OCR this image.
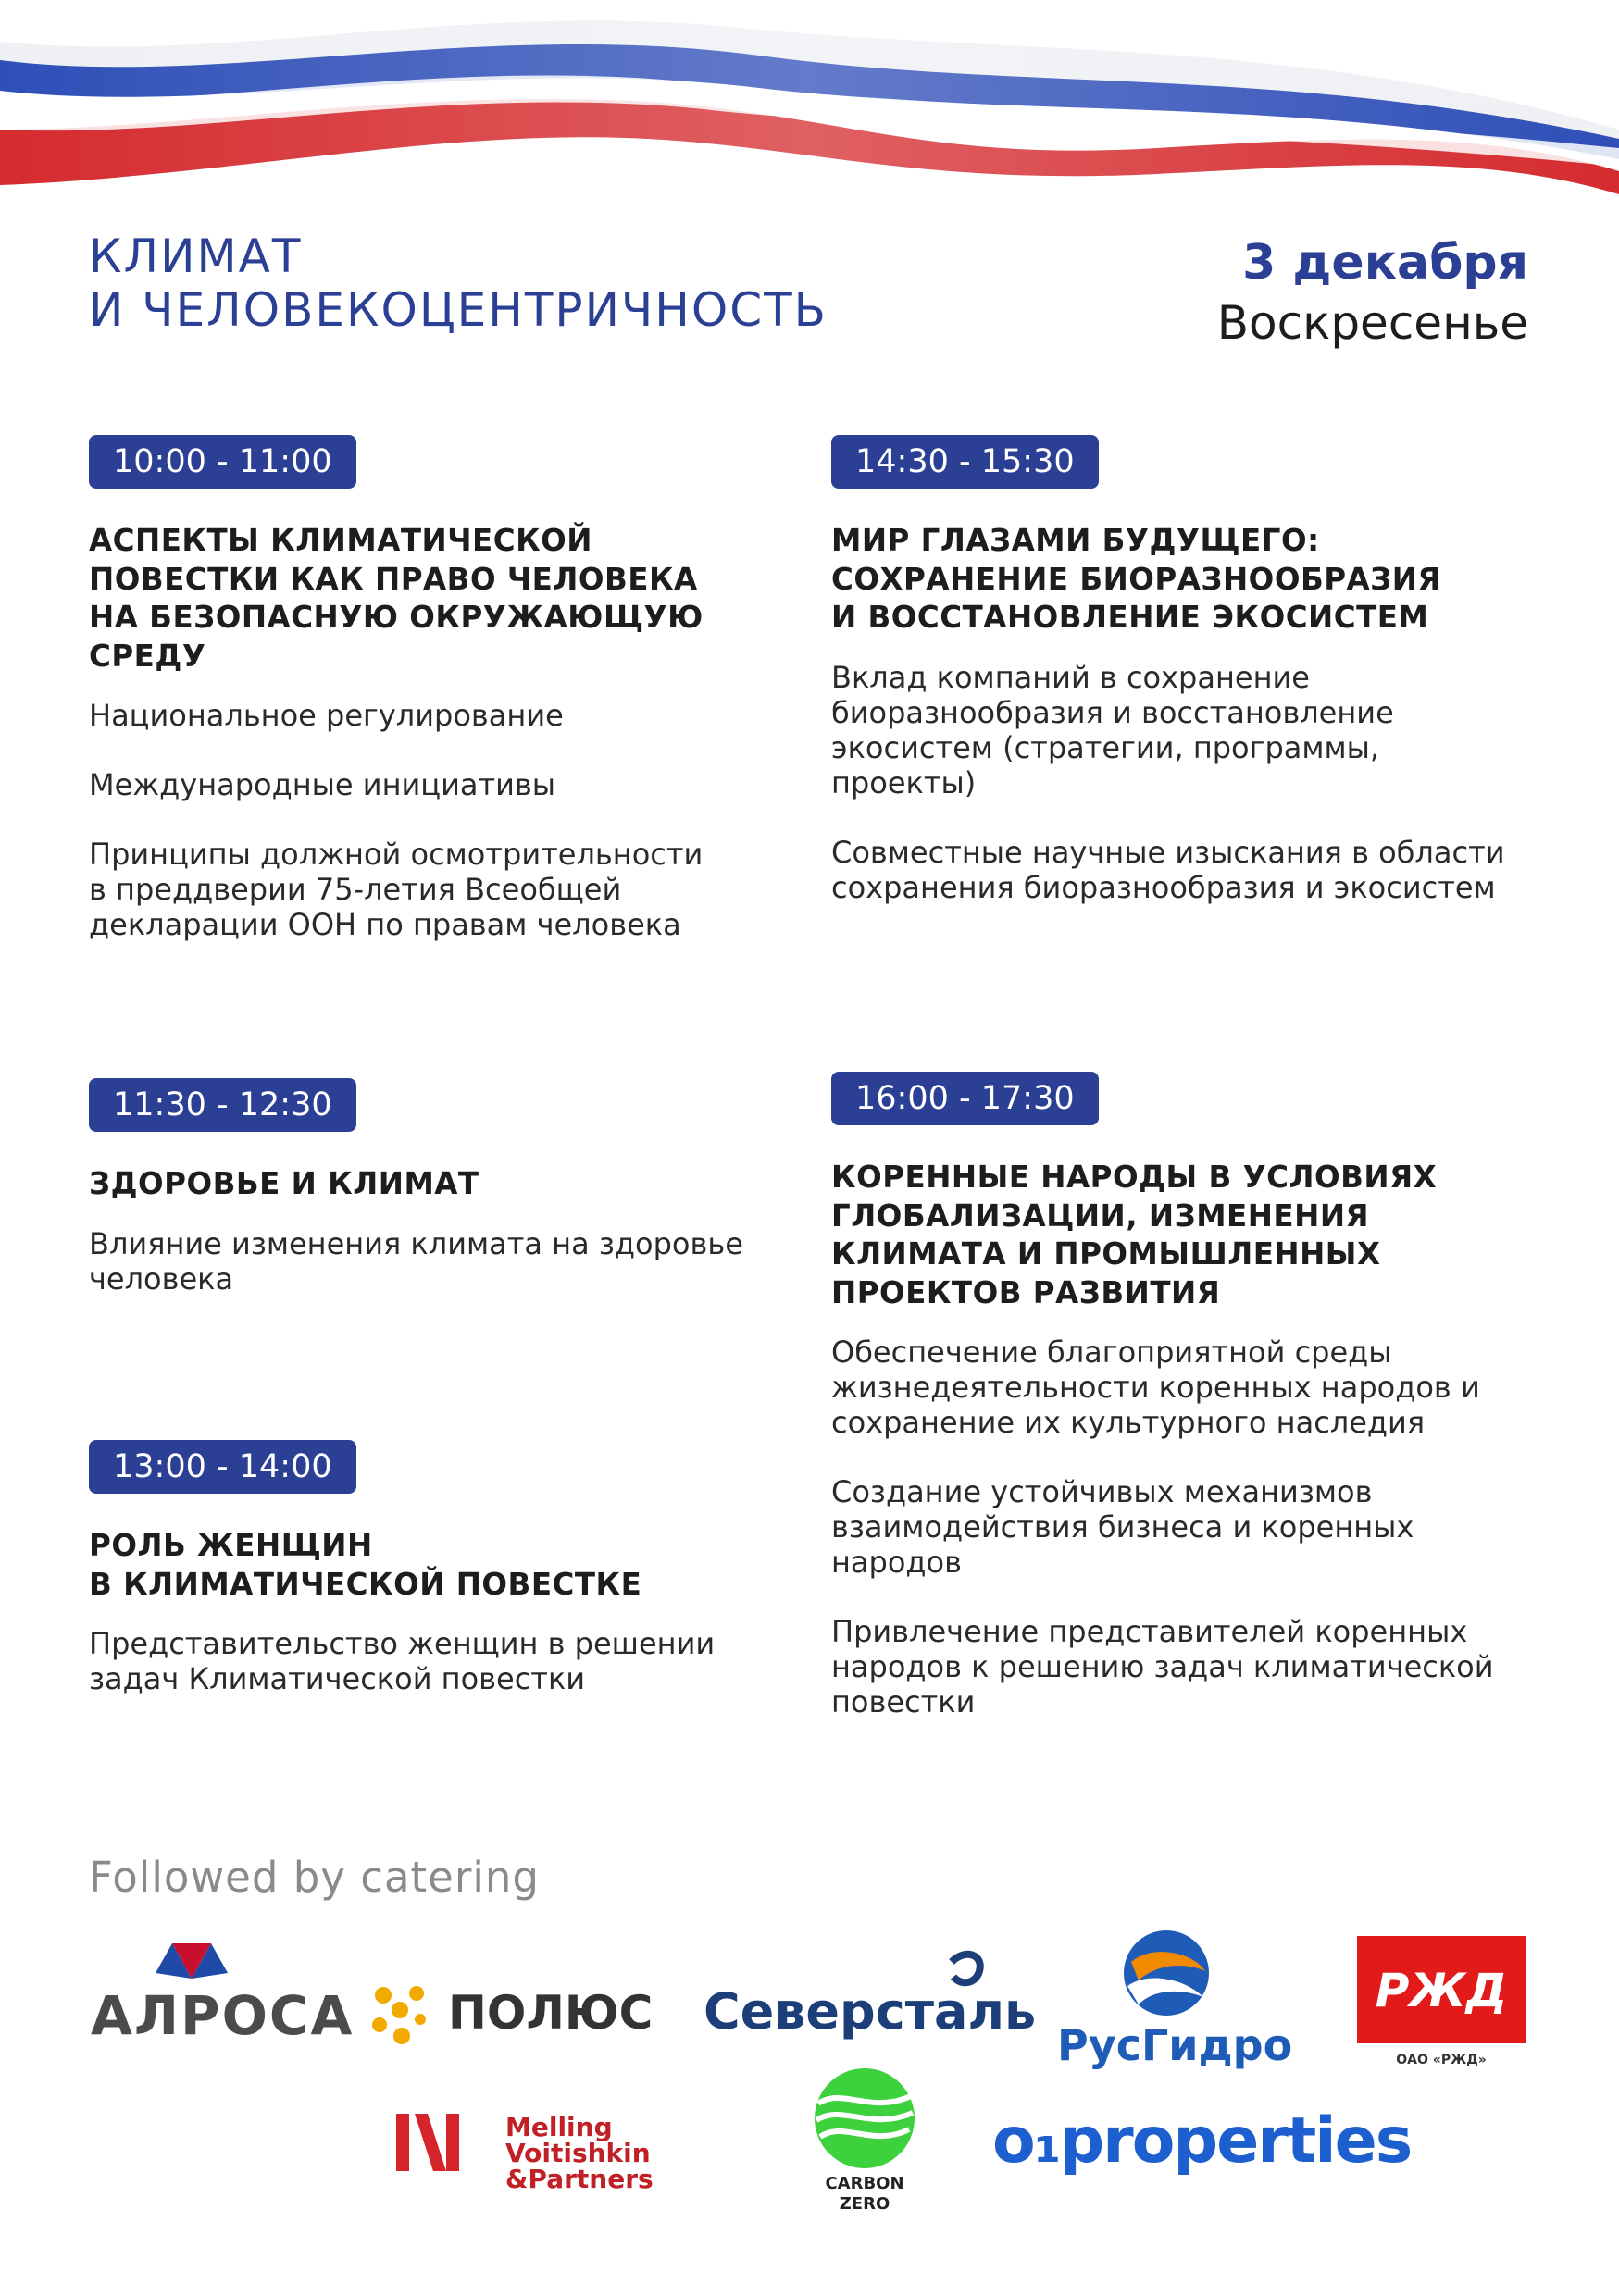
КЛИМАТ
И ЧЕЛОВЕКОЦЕНТРИЧНОСТЬ
3 декабря
Воскресенье
10:00 - 11:00
АСПЕКТЫ КЛИМАТИЧЕСКОЙ
ПОВЕСТКИ КАК ПРАВО ЧЕЛОВЕКА
НА БЕЗОПАСНУЮ ОКРУЖАЮЩУЮ
СРЕДУ
Национальное регулирование
Международные инициативы
Принципы должной осмотрительности
в преддверии 75-летия Всеобщей
декларации ООН по правам человека
14:30 - 15:30
МИР ГЛАЗАМИ БУДУЩЕГО:
СОХРАНЕНИЕ БИОРАЗНООБРАЗИЯ
И ВОССТАНОВЛЕНИЕ ЭКОСИСТЕМ
Вклад компаний в сохранение
биоразнообразия и восстановление
экосистем (стратегии, программы,
проекты)
Совместные научные изыскания в области
сохранения биоразнообразия и экосистем
11:30 - 12:30
ЗДОРОВЬЕ И КЛИМАТ
Влияние изменения климата на здоровье
человека
16:00 - 17:30
КОРЕННЫЕ НАРОДЫ В УСЛОВИЯХ
ГЛОБАЛИЗАЦИИ, ИЗМЕНЕНИЯ
КЛИМАТА И ПРОМЫШЛЕННЫХ
ПРОЕКТОВ РАЗВИТИЯ
Обеспечение благоприятной среды
жизнедеятельности коренных народов и
сохранение их культурного наследия
Создание устойчивых механизмов
взаимодействия бизнеса и коренных
народов
Привлечение представителей коренных
народов к решению задач климатической
повестки
13:00 - 14:00
РОЛЬ ЖЕНЩИН
В КЛИМАТИЧЕСКОЙ ПОВЕСТКЕ
Представительство женщин в решении
задач Климатической повестки
Followed by catering
АЛРОСА ПОЛЮС Северсталь
РусГидро
РЖД
ОАО «РЖД»
Melling
Voitishkin
&Partners	CARBON
ZERO
o₁properties
